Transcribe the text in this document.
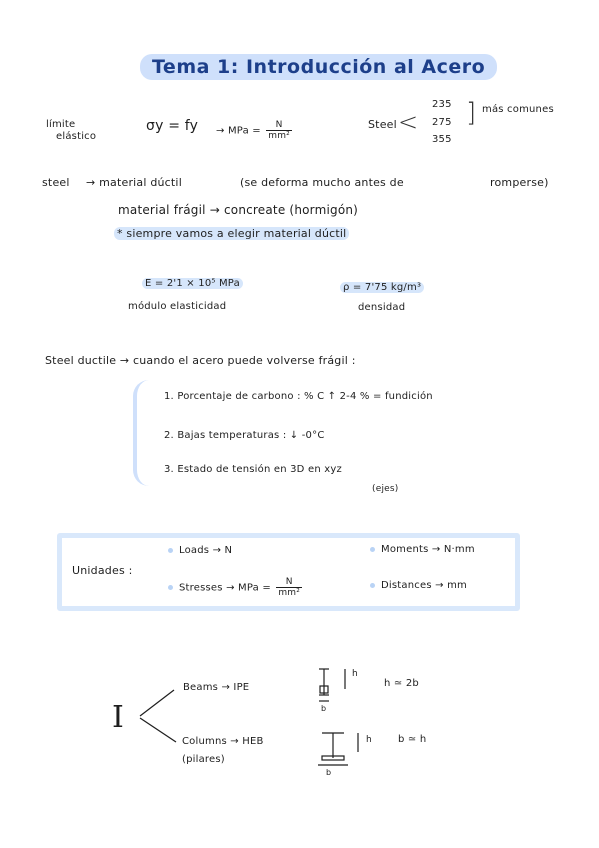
Tema 1: Introducción al Acero
límite
elástico
σy = fy → MPa = $\frac{N}{\text{mm²}}$	Steel <
235
275
355
] más comunes
steel → material dúctil	(se deforma mucho antes de	romperse)
material frágil → concreate (hormigón)
* siempre vamos a elegir material dúctil
E = 2'1 × 10⁵ MPa
módulo elasticidad
ρ = 7'75 kg/m³
densidad
Steel ductile → cuando el acero puede volverse frágil :
1. Porcentaje de carbono : % C ↑ 2-4 % = fundición
2. Bajas temperaturas : ↓ -0°C
3. Estado de tensión en 3D en xyz
(ejes)
Unidades :
Loads → N
Stresses → MPa = $\frac{N}{\text{mm²}}$
Moments → N·mm
Distances → mm
I
Beams → IPE
h
b
h ≃ 2b
Columns → HEB
(pilares)
h
b
b ≃ h
